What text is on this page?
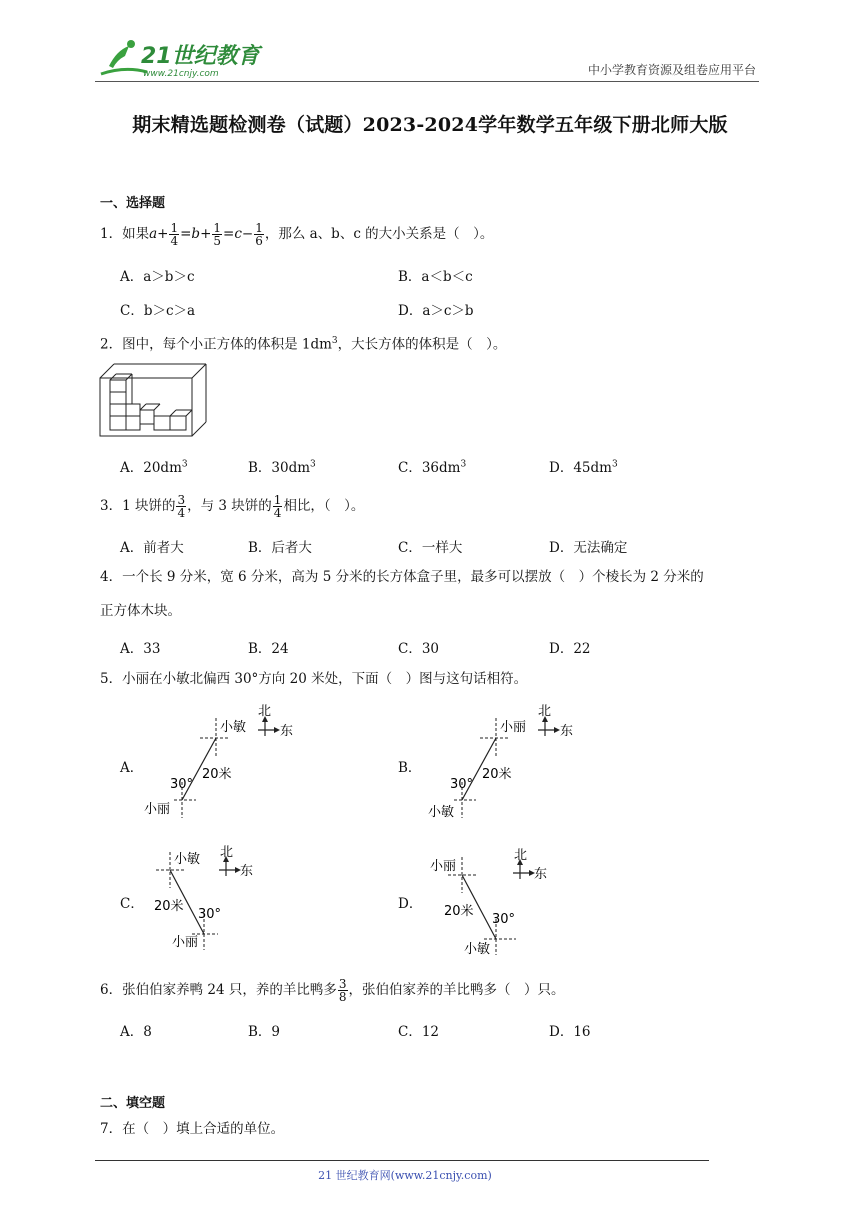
21世纪教育
www.21cnjy.com	中小学教育资源及组卷应用平台
期末精选题检测卷（试题）2023-2024学年数学五年级下册北师大版
一、选择题
1．如果$a+ \frac{1}{4} =b+ \frac{1}{5} =c- \frac{1}{6}$ ，那么 a、b、c 的大小关系是（　）。
A．a＞b＞c	B．a＜b＜c
C．b＞c＞a	D．a＞c＞b
2．图中，每个小正方体的体积是 $1dm^3$，大长方体的体积是（　）。
A．$20dm^3$	B．$30dm^3$	C．$36dm^3$	D．$45dm^3$
3．1 块饼的 $\frac{3}{4}$ ，与 3 块饼的 $\frac{1}{4}$ 相比，（　）。
A．前者大	B．后者大	C．一样大	D．无法确定
4．一个长 9 分米，宽 6 分米，高为 5 分米的长方体盒子里，最多可以摆放（　）个棱长为 2 分米的
正方体木块。
A．33	B．24	C．30	D．22
5．小丽在小敏北偏西 30°方向 20 米处，下面（　）图与这句话相符。
A．
北
东
小敏
20米
30°
小丽
B．
北
东
小丽
20米
30°
小敏
C．
北
东
小敏
20米
30°
小丽
D．
北
东
小丽
20米
30°
小敏
6．张伯伯家养鸭 24 只，养的羊比鸭多 $\frac{3}{8}$ ，张伯伯家养的羊比鸭多（　）只。
A．8	B．9	C．12	D．16
二、填空题
7．在（　）填上合适的单位。
21 世纪教育网(www.21cnjy.com)
